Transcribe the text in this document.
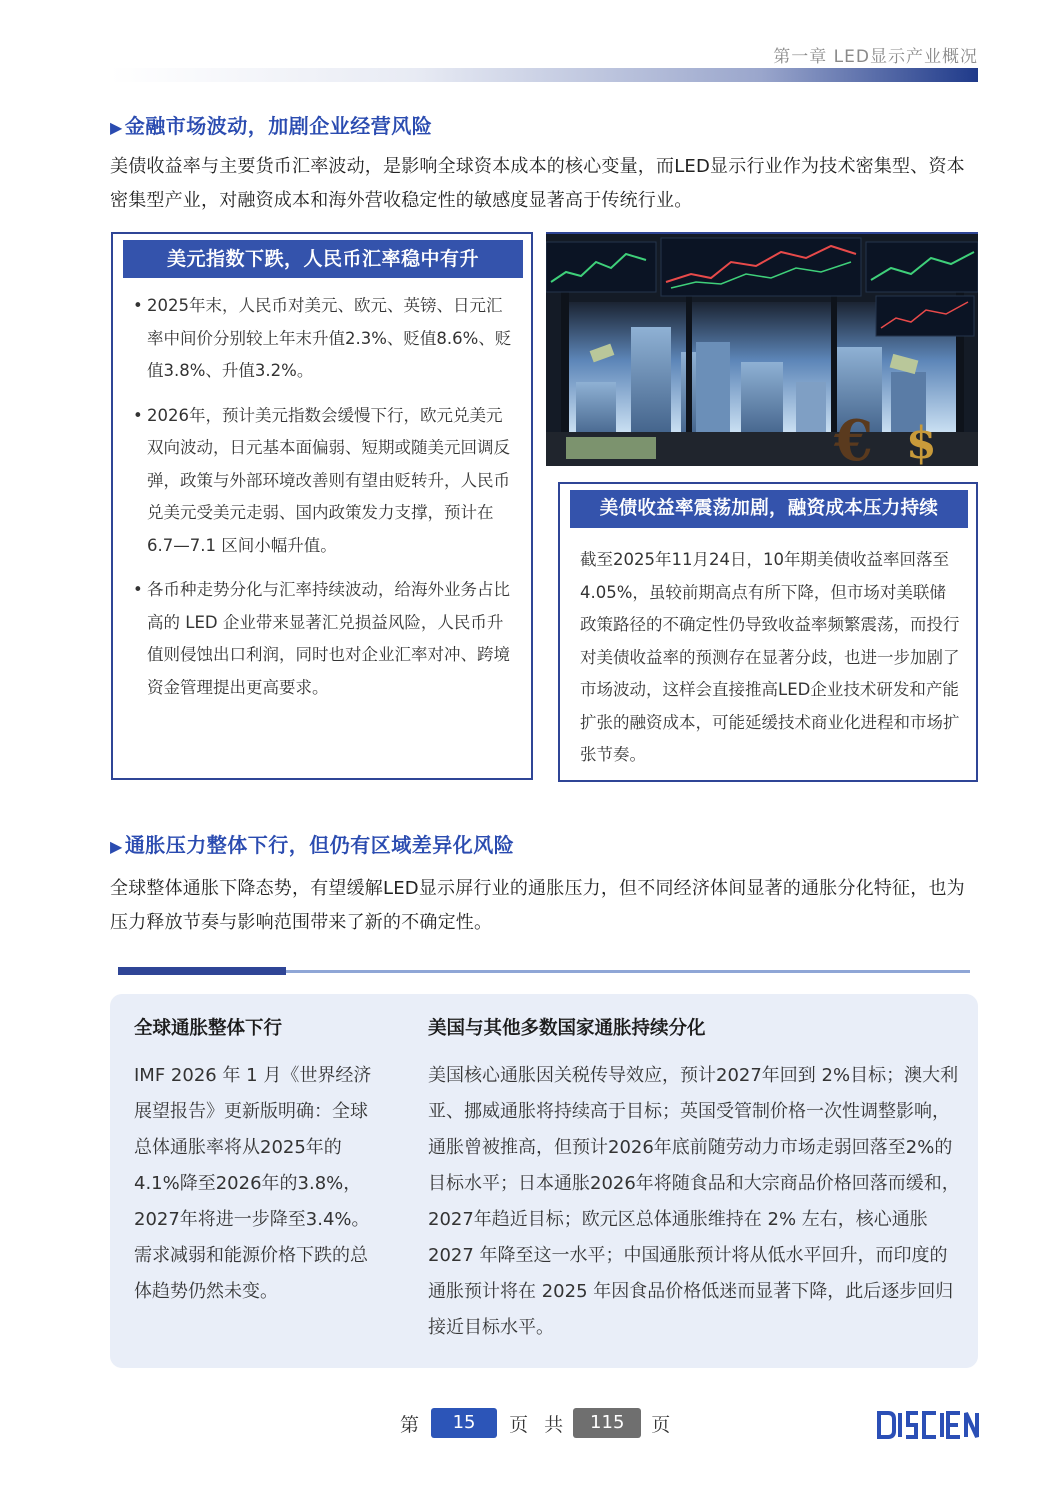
第一章 LED显示产业概况
▶ 金融市场波动，加剧企业经营风险
美债收益率与主要货币汇率波动，是影响全球资本成本的核心变量，而LED显示行业作为技术密集型、资本密集型产业，对融资成本和海外营收稳定性的敏感度显著高于传统行业。
美元指数下跌，人民币汇率稳中有升
• 2025年末，人民币对美元、欧元、英镑、日元汇率中间价分别较上年末升值2.3%、贬值8.6%、贬值3.8%、升值3.2%。
• 2026年，预计美元指数会缓慢下行，欧元兑美元双向波动，日元基本面偏弱、短期或随美元回调反弹，政策与外部环境改善则有望由贬转升，人民币兑美元受美元走弱、国内政策发力支撑，预计在 6.7—7.1 区间小幅升值。
• 各币种走势分化与汇率持续波动，给海外业务占比高的 LED 企业带来显著汇兑损益风险，人民币升值则侵蚀出口利润，同时也对企业汇率对冲、跨境资金管理提出更高要求。
€ $
美债收益率震荡加剧，融资成本压力持续
截至2025年11月24日，10年期美债收益率回落至4.05%，虽较前期高点有所下降，但市场对美联储政策路径的不确定性仍导致收益率频繁震荡，而投行对美债收益率的预测存在显著分歧，也进一步加剧了市场波动，这样会直接推高LED企业技术研发和产能扩张的融资成本，可能延缓技术商业化进程和市场扩张节奏。
▶ 通胀压力整体下行，但仍有区域差异化风险
全球整体通胀下降态势，有望缓解LED显示屏行业的通胀压力，但不同经济体间显著的通胀分化特征，也为压力释放节奏与影响范围带来了新的不确定性。
全球通胀整体下行
IMF 2026 年 1 月《世界经济展望报告》更新版明确：全球总体通胀率将从2025年的4.1%降至2026年的3.8%，2027年将进一步降至3.4%。需求减弱和能源价格下跌的总体趋势仍然未变。
美国与其他多数国家通胀持续分化
美国核心通胀因关税传导效应，预计2027年回到 2%目标；澳大利亚、挪威通胀将持续高于目标；英国受管制价格一次性调整影响，通胀曾被推高，但预计2026年底前随劳动力市场走弱回落至2%的目标水平；日本通胀2026年将随食品和大宗商品价格回落而缓和，2027年趋近目标；欧元区总体通胀维持在 2% 左右，核心通胀 2027 年降至这一水平；中国通胀预计将从低水平回升，而印度的通胀预计将在 2025 年因食品价格低迷而显著下降，此后逐步回归接近目标水平。
第 15 页 共 115 页
